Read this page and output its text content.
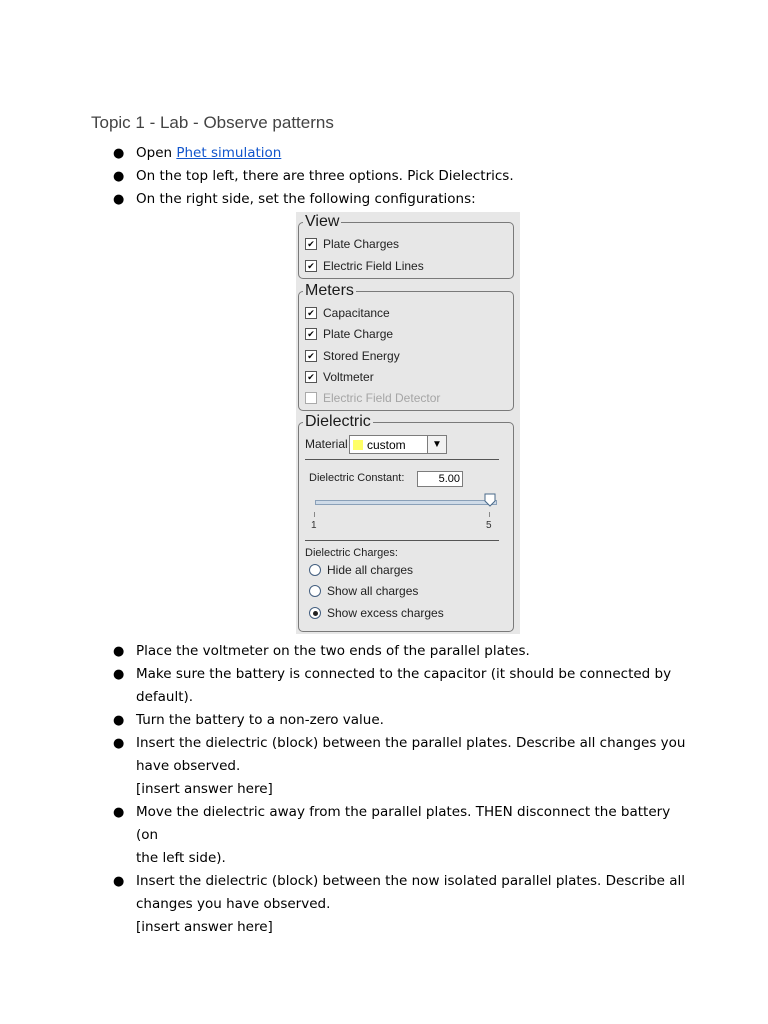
Topic 1 - Lab - Observe patterns
● Open Phet simulation
● On the top left, there are three options. Pick Dielectrics.
● On the right side, set the following configurations:
View
✔ Plate Charges
✔ Electric Field Lines
Meters
✔ Capacitance
✔ Plate Charge
✔ Stored Energy
✔ Voltmeter
Electric Field Detector
Dielectric
Material custom	▼
Dielectric Constant:	5.00
1	5
Dielectric Charges:
Hide all charges
Show all charges
Show excess charges
● Place the voltmeter on the two ends of the parallel plates.
● Make sure the battery is connected to the capacitor (it should be connected by
default).
● Turn the battery to a non-zero value.
● Insert the dielectric (block) between the parallel plates. Describe all changes you
have observed.
[insert answer here]
● Move the dielectric away from the parallel plates. THEN disconnect the battery (on
the left side).
● Insert the dielectric (block) between the now isolated parallel plates. Describe all
changes you have observed.
[insert answer here]
